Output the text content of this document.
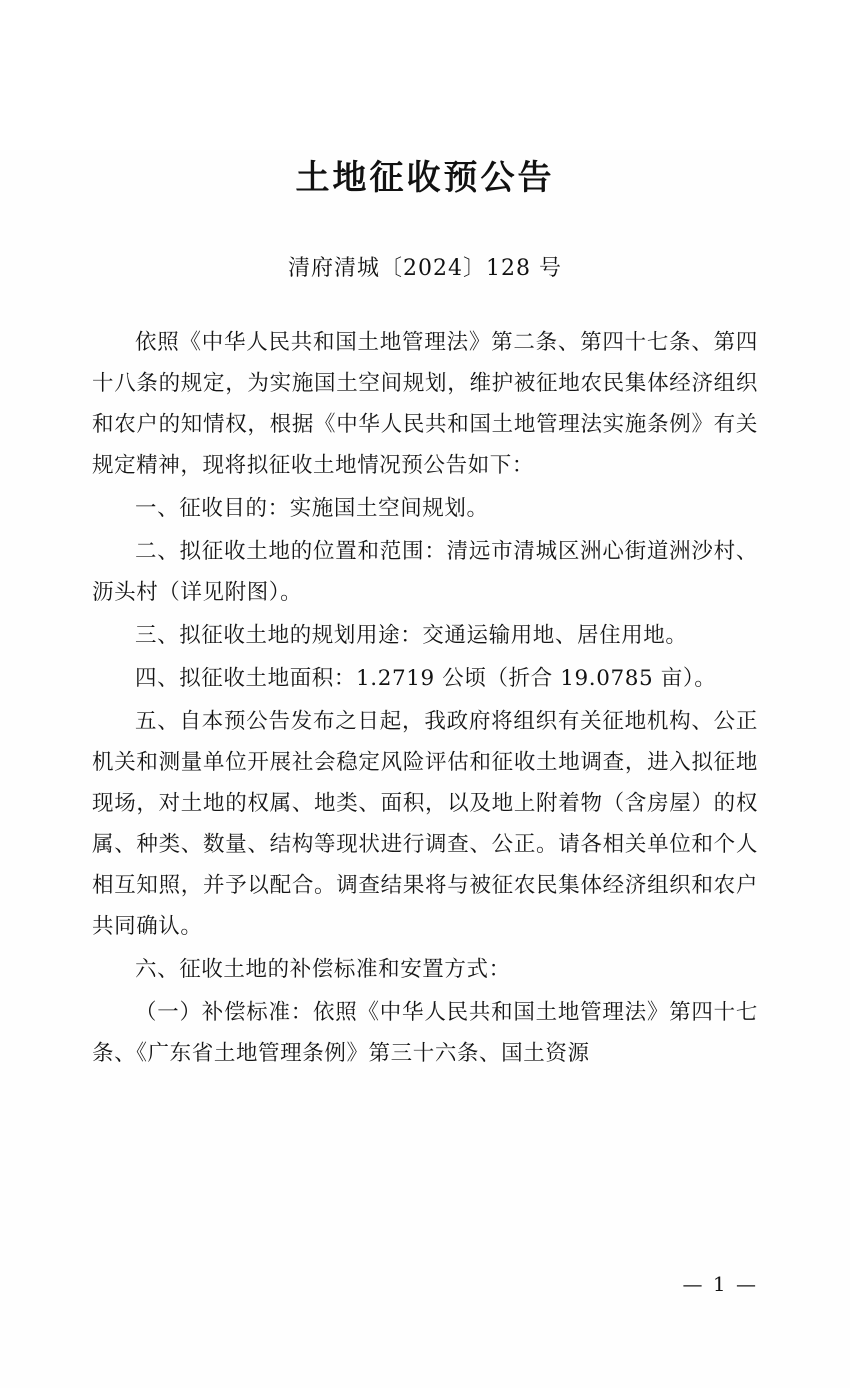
土地征收预公告
清府清城〔2024〕128 号

依照《中华人民共和国土地管理法》第二条、第四十七条、第四十八条的规定，为实施国土空间规划，维护被征地农民集体经济组织和农户的知情权，根据《中华人民共和国土地管理法实施条例》有关规定精神，现将拟征收土地情况预公告如下：

一、征收目的：实施国土空间规划。

二、拟征收土地的位置和范围：清远市清城区洲心街道洲沙村、沥头村（详见附图）。

三、拟征收土地的规划用途：交通运输用地、居住用地。

四、拟征收土地面积：1.2719 公顷（折合 19.0785 亩）。

五、自本预公告发布之日起，我政府将组织有关征地机构、公正机关和测量单位开展社会稳定风险评估和征收土地调查，进入拟征地现场，对土地的权属、地类、面积，以及地上附着物（含房屋）的权属、种类、数量、结构等现状进行调查、公正。请各相关单位和个人相互知照，并予以配合。调查结果将与被征农民集体经济组织和农户共同确认。

六、征收土地的补偿标准和安置方式：

（一）补偿标准：依照《中华人民共和国土地管理法》第四十七条、《广东省土地管理条例》第三十六条、国土资源

— 1 —
